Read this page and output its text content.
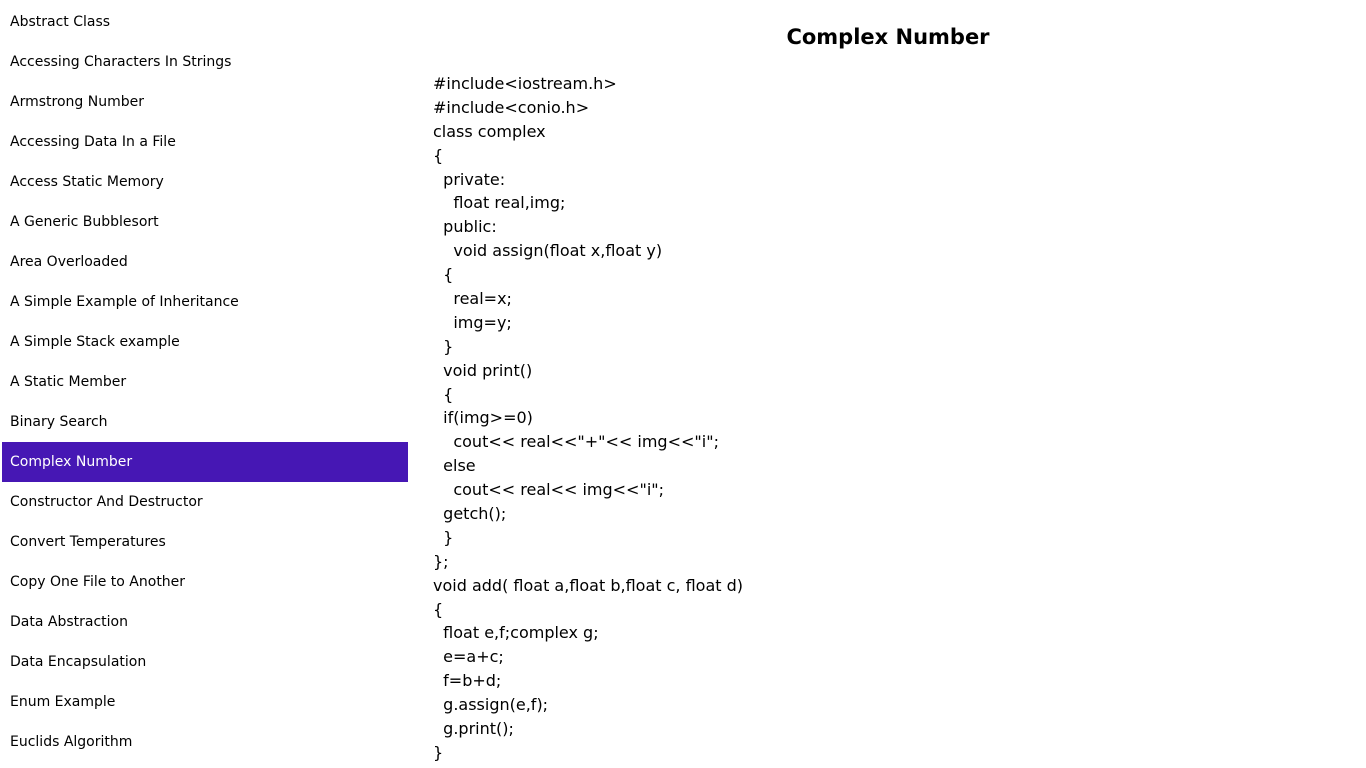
Abstract Class
Accessing Characters In Strings
Armstrong Number
Accessing Data In a File
Access Static Memory
A Generic Bubblesort
Area Overloaded
A Simple Example of Inheritance
A Simple Stack example
A Static Member
Binary Search
Complex Number
Constructor And Destructor
Convert Temperatures
Copy One File to Another
Data Abstraction
Data Encapsulation
Enum Example
Euclids Algorithm
Complex Number
#include<iostream.h>
#include<conio.h>
class complex
{
private:
float real,img;
public:
void assign(float x,float y)
{
real=x;
img=y;
}
void print()
{
if(img>=0)
cout<< real<<"+"<< img<<"i";
else
cout<< real<< img<<"i";
getch();
}
};
void add( float a,float b,float c, float d)
{
float e,f;complex g;
e=a+c;
f=b+d;
g.assign(e,f);
g.print();
}
